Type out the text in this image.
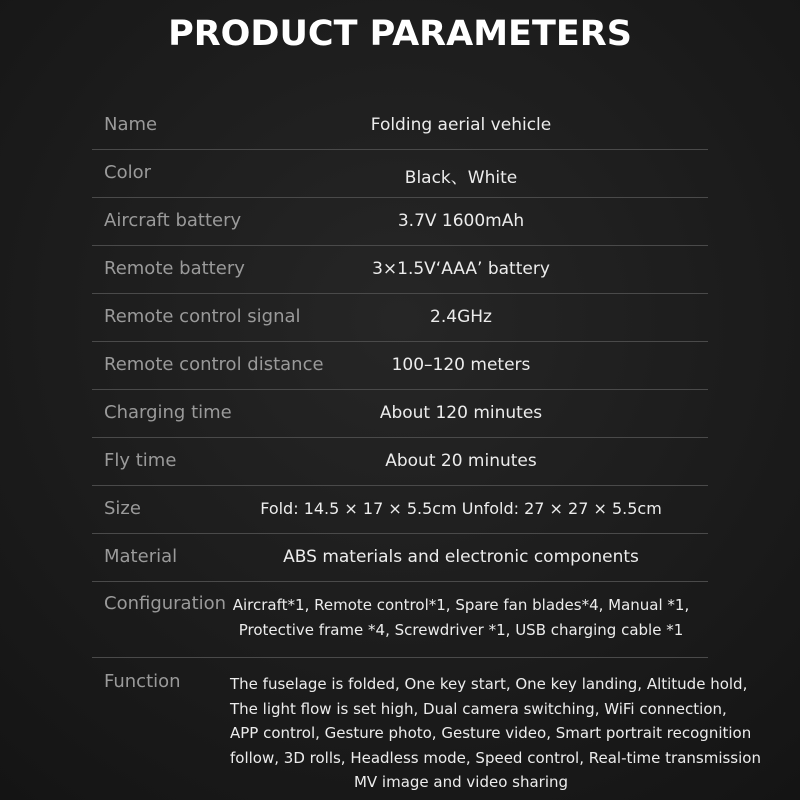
PRODUCT PARAMETERS
Name	Folding aerial vehicle
Color	Black、White
Aircraft battery	3.7V 1600mAh
Remote battery	3×1.5V‘AAA’ battery
Remote control signal	2.4GHz
Remote control distance	100–120 meters
Charging time	About 120 minutes
Fly time	About 20 minutes
Size	Fold: 14.5 × 17 × 5.5cm Unfold: 27 × 27 × 5.5cm
Material	ABS materials and electronic components
Configuration Aircraft*1, Remote control*1, Spare fan blades*4, Manual *1,
Protective frame *4, Screwdriver *1, USB charging cable *1
Function	The fuselage is folded, One key start, One key landing, Altitude hold,
The light flow is set high, Dual camera switching, WiFi connection,
APP control, Gesture photo, Gesture video, Smart portrait recognition
follow, 3D rolls, Headless mode, Speed control, Real-time transmission
MV image and video sharing
